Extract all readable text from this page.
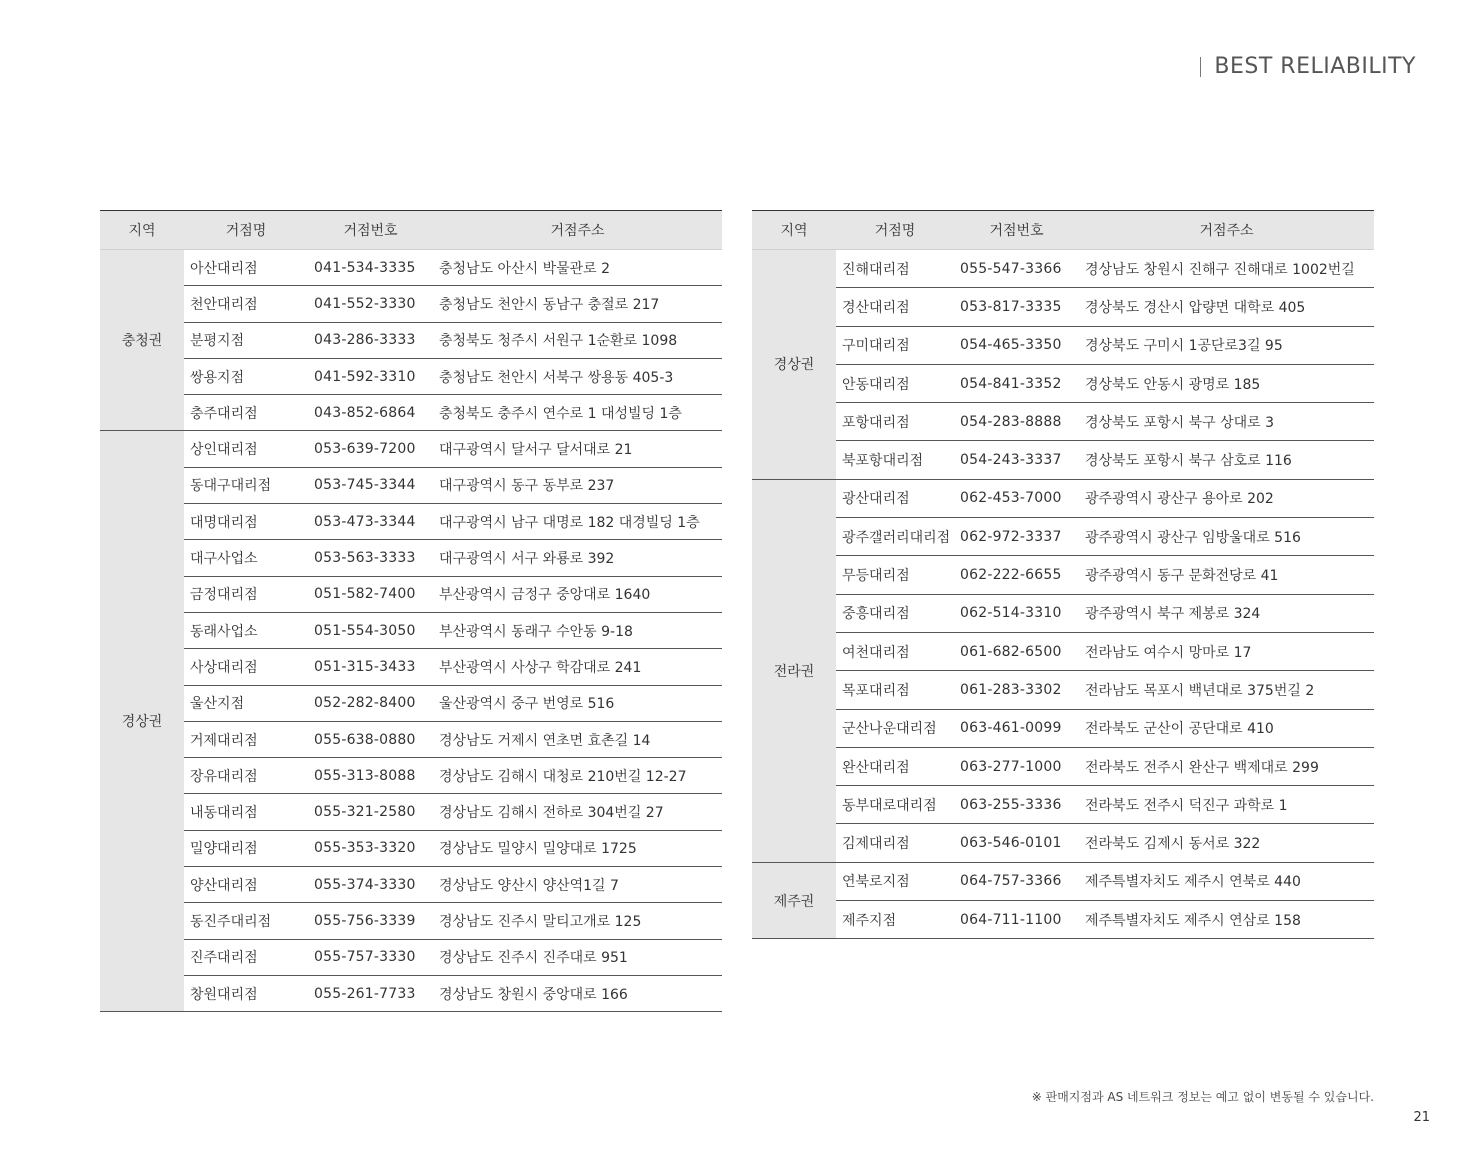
BEST RELIABILITY
지역	거점명	거점번호	거점주소
충청권	아산대리점	041-534-3335	충청남도 아산시 박물관로 2
	천안대리점	041-552-3330	충청남도 천안시 동남구 충절로 217
	분평지점	043-286-3333	충청북도 청주시 서원구 1순환로 1098
	쌍용지점	041-592-3310	충청남도 천안시 서북구 쌍용동 405-3
	충주대리점	043-852-6864	충청북도 충주시 연수로 1 대성빌딩 1층
경상권	상인대리점	053-639-7200	대구광역시 달서구 달서대로 21
	동대구대리점	053-745-3344	대구광역시 동구 동부로 237
	대명대리점	053-473-3344	대구광역시 남구 대명로 182 대경빌딩 1층
	대구사업소	053-563-3333	대구광역시 서구 와룡로 392
	금정대리점	051-582-7400	부산광역시 금정구 중앙대로 1640
	동래사업소	051-554-3050	부산광역시 동래구 수안동 9-18
	사상대리점	051-315-3433	부산광역시 사상구 학감대로 241
	울산지점	052-282-8400	울산광역시 중구 번영로 516
	거제대리점	055-638-0880	경상남도 거제시 연초면 효촌길 14
	장유대리점	055-313-8088	경상남도 김해시 대청로 210번길 12-27
	내동대리점	055-321-2580	경상남도 김해시 전하로 304번길 27
	밀양대리점	055-353-3320	경상남도 밀양시 밀양대로 1725
	양산대리점	055-374-3330	경상남도 양산시 양산역1길 7
	동진주대리점	055-756-3339	경상남도 진주시 말티고개로 125
	진주대리점	055-757-3330	경상남도 진주시 진주대로 951
	창원대리점	055-261-7733	경상남도 창원시 중앙대로 166
지역	거점명	거점번호	거점주소
경상권	진해대리점	055-547-3366	경상남도 창원시 진해구 진해대로 1002번길
	경산대리점	053-817-3335	경상북도 경산시 압량면 대학로 405
	구미대리점	054-465-3350	경상북도 구미시 1공단로3길 95
	안동대리점	054-841-3352	경상북도 안동시 광명로 185
	포항대리점	054-283-8888	경상북도 포항시 북구 상대로 3
	북포항대리점	054-243-3337	경상북도 포항시 북구 삼호로 116
전라권	광산대리점	062-453-7000	광주광역시 광산구 용아로 202
	광주갤러리대리점	062-972-3337	광주광역시 광산구 임방울대로 516
	무등대리점	062-222-6655	광주광역시 동구 문화전당로 41
	중흥대리점	062-514-3310	광주광역시 북구 제봉로 324
	여천대리점	061-682-6500	전라남도 여수시 망마로 17
	목포대리점	061-283-3302	전라남도 목포시 백년대로 375번길 2
	군산나운대리점	063-461-0099	전라북도 군산이 공단대로 410
	완산대리점	063-277-1000	전라북도 전주시 완산구 백제대로 299
	동부대로대리점	063-255-3336	전라북도 전주시 덕진구 과학로 1
	김제대리점	063-546-0101	전라북도 김제시 동서로 322
제주권	연북로지점	064-757-3366	제주특별자치도 제주시 연북로 440
	제주지점	064-711-1100	제주특별자치도 제주시 연삼로 158
※ 판매지점과 AS 네트워크 정보는 예고 없이 변동될 수 있습니다.
21
